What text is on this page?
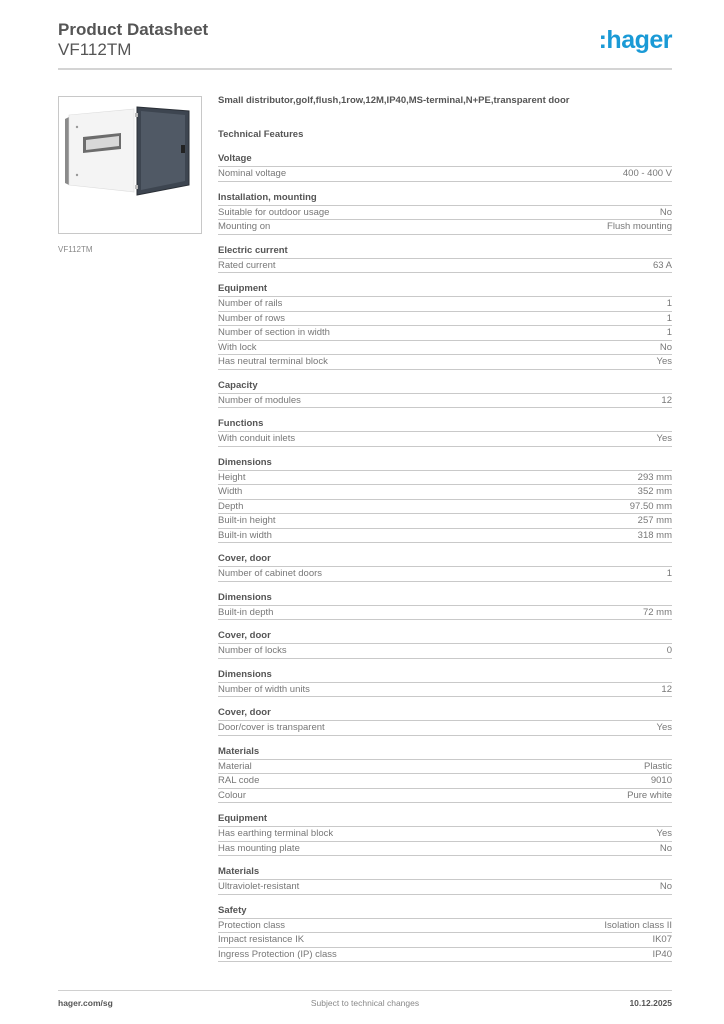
Product Datasheet
VF112TM	:hager
VF112TM
Small distributor,golf,flush,1row,12M,IP40,MS-terminal,N+PE,transparent door
Technical Features
Voltage
Nominal voltage	400 - 400 V
Installation, mounting
Suitable for outdoor usage	No
Mounting on	Flush mounting
Electric current
Rated current	63 A
Equipment
Number of rails	1
Number of rows	1
Number of section in width	1
With lock	No
Has neutral terminal block	Yes
Capacity
Number of modules	12
Functions
With conduit inlets	Yes
Dimensions
Height	293 mm
Width	352 mm
Depth	97.50 mm
Built-in height	257 mm
Built-in width	318 mm
Cover, door
Number of cabinet doors	1
Dimensions
Built-in depth	72 mm
Cover, door
Number of locks	0
Dimensions
Number of width units	12
Cover, door
Door/cover is transparent	Yes
Materials
Material	Plastic
RAL code	9010
Colour	Pure white
Equipment
Has earthing terminal block	Yes
Has mounting plate	No
Materials
Ultraviolet-resistant	No
Safety
Protection class	Isolation class II
Impact resistance IK	IK07
Ingress Protection (IP) class	IP40
hager.com/sg	Subject to technical changes	10.12.2025
